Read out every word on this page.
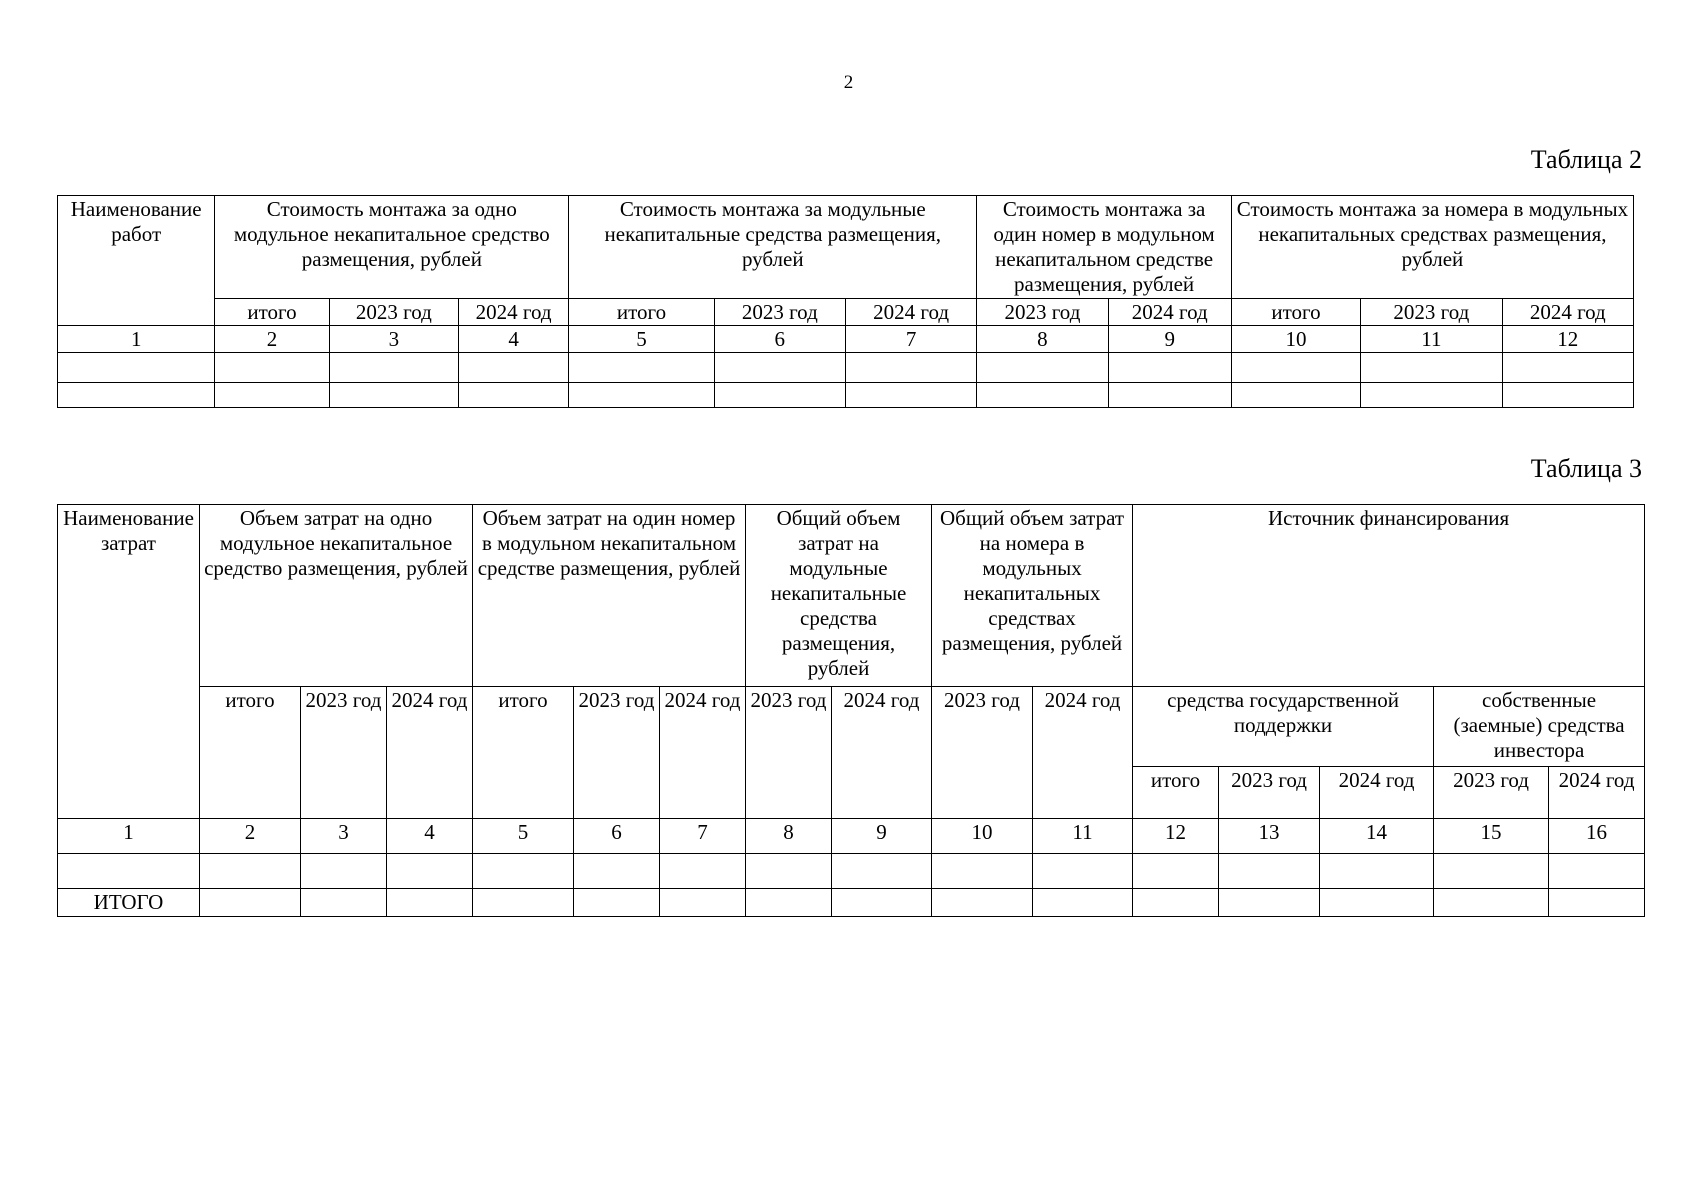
2
Таблица 2
Наименование работ	Стоимость монтажа за одно модульное некапитальное средство размещения, рублей			Стоимость монтажа за модульные некапитальные средства размещения, рублей			Стоимость монтажа за один номер в модульном некапитальном средстве размещения, рублей		Стоимость монтажа за номера в модульных некапитальных средствах размещения, рублей		
	итого	2023 год	2024 год	итого	2023 год	2024 год	2023 год	2024 год	итого	2023 год	2024 год
1	2	3	4	5	6	7	8	9	10	11	12

Таблица 3
Наименование затрат	Объем затрат на одно модульное некапитальное средство размещения, рублей			Объем затрат на один номер в модульном некапитальном средстве размещения, рублей			Общий объем затрат на модульные некапитальные средства размещения, рублей		Общий объем затрат на номера в модульных некапитальных средствах размещения, рублей		Источник финансирования				
	итого	2023 год	2024 год	итого	2023 год	2024 год	2023 год	2024 год	2023 год	2024 год	средства государственной поддержки			собственные (заемные) средства инвестора	
											итого	2023 год	2024 год	2023 год	2024 год
1	2	3	4	5	6	7	8	9	10	11	12	13	14	15	16

ИТОГО															
